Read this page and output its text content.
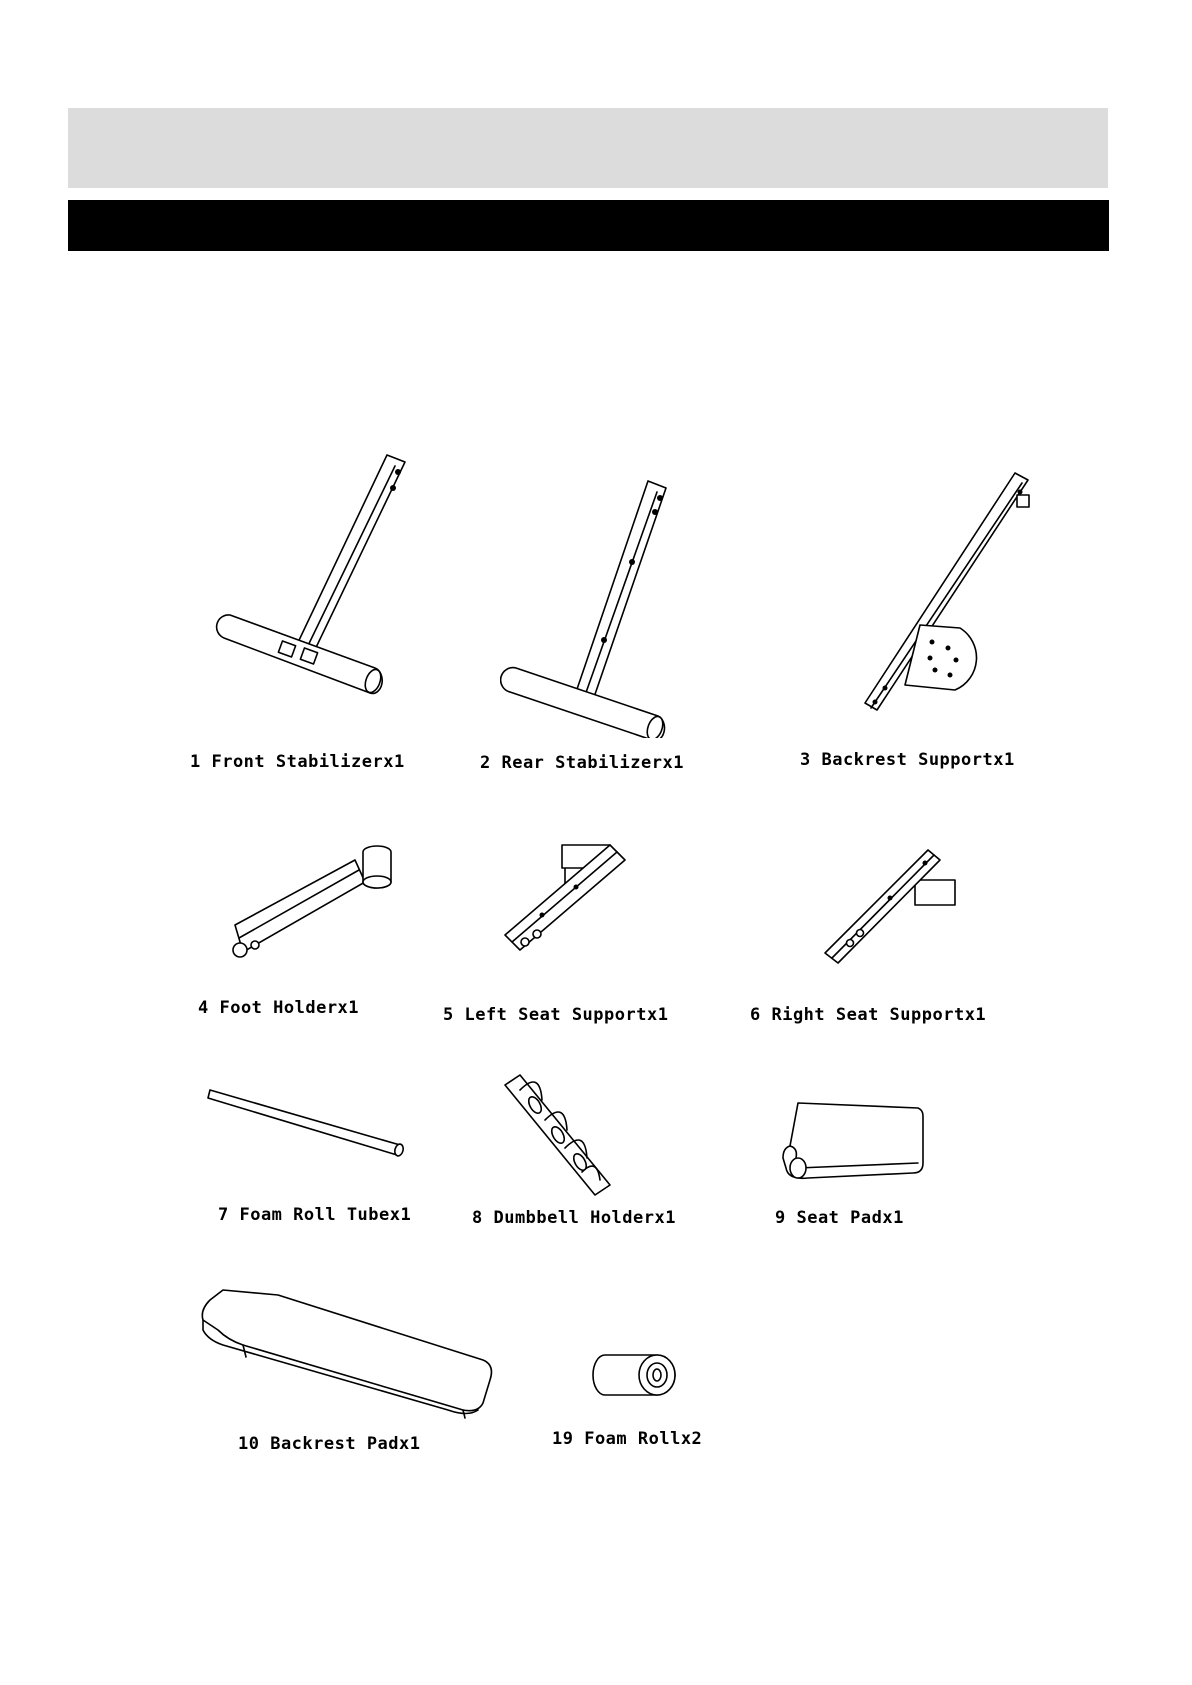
1 Front Stabilizerx1	2 Rear Stabilizerx1	3 Backrest Supportx1
4 Foot Holderx1	5 Left Seat Supportx1	6 Right Seat Supportx1
7 Foam Roll Tubex1	8 Dumbbell Holderx1	9 Seat Padx1
10 Backrest Padx1	19 Foam Rollx2
